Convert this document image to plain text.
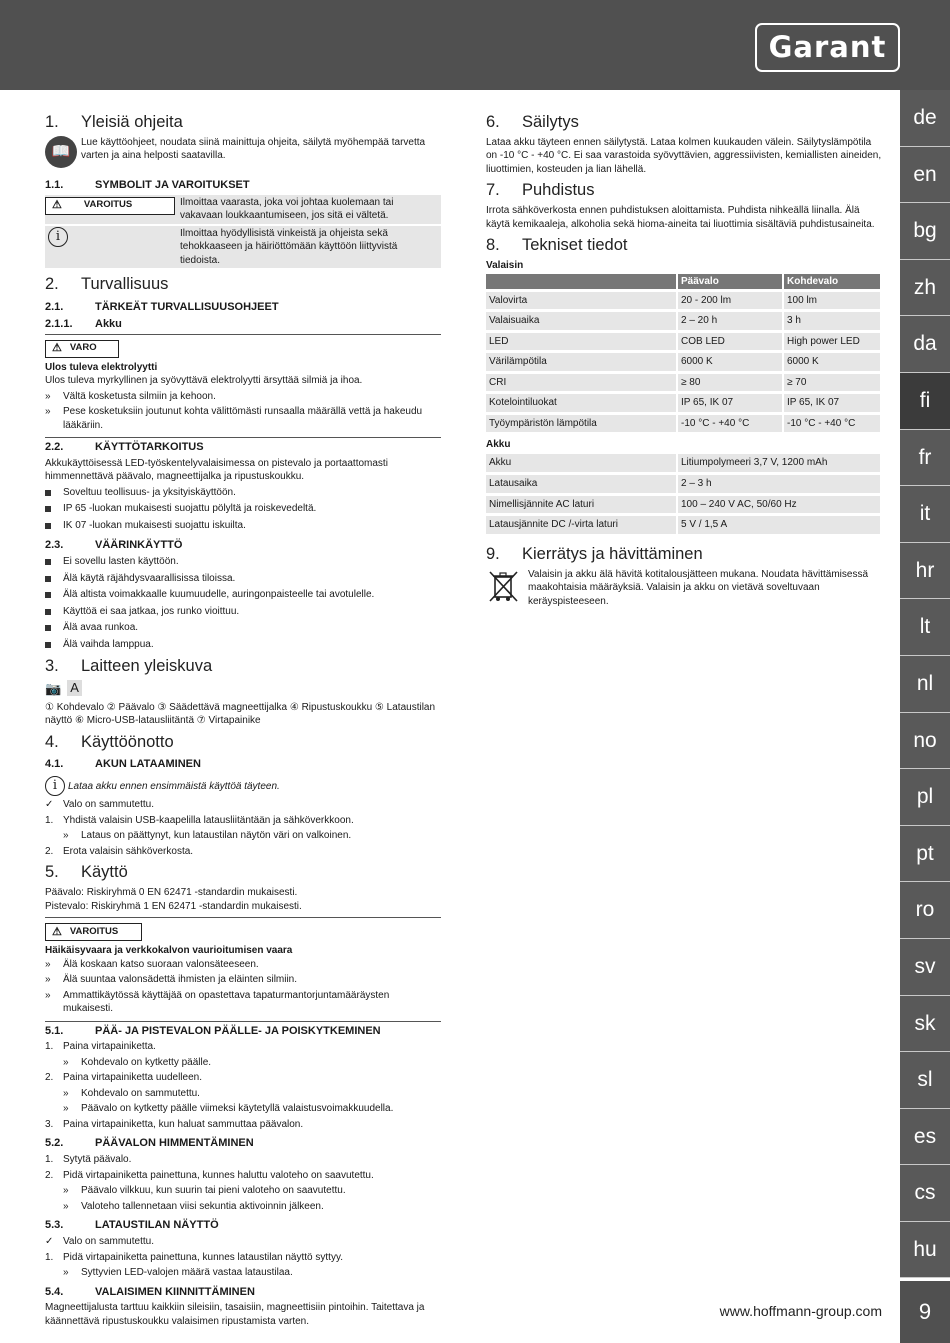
Garant
de
en
bg
zh
da
fi
fr
it
hr
lt
nl
no
pl
pt
ro
sv
sk
sl
es
cs
hu
9
www.hoffmann-group.com
1.	Yleisiä ohjeita
📖

Lue käyttöohjeet, noudata siinä mainittuja ohjeita, säilytä myöhempää tarvetta varten ja aina helposti saatavilla.

1.1.	SYMBOLIT JA VAROITUKSET
⚠ VAROITUS	Ilmoittaa vaarasta, joka voi johtaa kuolemaan tai vakavaan loukkaantumiseen, jos sitä ei vältetä.
i	Ilmoittaa hyödyllisistä vinkeistä ja ohjeista sekä tehokkaaseen ja häiriöttömään käyttöön liittyvistä tiedoista.
2.	Turvallisuus
2.1.	TÄRKEÄT TURVALLISUUSOHJEET
2.1.1.	Akku
⚠ VARO

Ulos tuleva elektrolyytti

Ulos tuleva myrkyllinen ja syövyttävä elektrolyytti ärsyttää silmiä ja ihoa.

»	Vältä kosketusta silmiin ja kehoon.
»	Pese kosketuksiin joutunut kohta välittömästi runsaalla määrällä vettä ja hakeudu lääkäriin.
2.2.	KÄYTTÖTARKOITUS

Akkukäyttöisessä LED-työskentelyvalaisimessa on pistevalo ja portaattomasti himmennettävä päävalo, magneettijalka ja ripustuskoukku.

Soveltuu teollisuus- ja yksityiskäyttöön.
IP 65 -luokan mukaisesti suojattu pölyltä ja roiskevedeltä.
IK 07 -luokan mukaisesti suojattu iskuilta.
2.3.	VÄÄRINKÄYTTÖ
Ei sovellu lasten käyttöön.
Älä käytä räjähdysvaarallisissa tiloissa.
Älä altista voimakkaalle kuumuudelle, auringonpaisteelle tai avotulelle.
Käyttöä ei saa jatkaa, jos runko vioittuu.
Älä avaa runkoa.
Älä vaihda lamppua.
3.	Laitteen yleiskuva
📷 A

① Kohdevalo ② Päävalo ③ Säädettävä magneettijalka ④ Ripustuskoukku ⑤ Lataustilan näyttö ⑥ Micro-USB-latausliitäntä ⑦ Virtapainike

4.	Käyttöönotto
4.1.	AKUN LATAAMINEN
i	Lataa akku ennen ensimmäistä käyttöä täyteen.
✓ Valo on sammutettu.
1. Yhdistä valaisin USB-kaapelilla latausliitäntään ja sähköverkkoon.
»	Lataus on päättynyt, kun lataustilan näytön väri on valkoinen.
2. Erota valaisin sähköverkosta.
5.	Käyttö

Päävalo: Riskiryhmä 0 EN 62471 -standardin mukaisesti.

Pistevalo: Riskiryhmä 1 EN 62471 -standardin mukaisesti.

⚠ VAROITUS

Häikäisyvaara ja verkkokalvon vaurioitumisen vaara

»	Älä koskaan katso suoraan valonsäteeseen.
»	Älä suuntaa valonsädettä ihmisten ja eläinten silmiin.
»	Ammattikäytössä käyttäjää on opastettava tapaturmantorjuntamääräysten mukaisesti.
5.1.	PÄÄ- JA PISTEVALON PÄÄLLE- JA POISKYTKEMINEN
1. Paina virtapainiketta.
»	Kohdevalo on kytketty päälle.
2. Paina virtapainiketta uudelleen.
»	Kohdevalo on sammutettu.
»	Päävalo on kytketty päälle viimeksi käytetyllä valaistusvoimakkuudella.
3. Paina virtapainiketta, kun haluat sammuttaa päävalon.
5.2.	PÄÄVALON HIMMENTÄMINEN
1. Sytytä päävalo.
2. Pidä virtapainiketta painettuna, kunnes haluttu valoteho on saavutettu.
»	Päävalo vilkkuu, kun suurin tai pieni valoteho on saavutettu.
»	Valoteho tallennetaan viisi sekuntia aktivoinnin jälkeen.
5.3.	LATAUSTILAN NÄYTTÖ
✓ Valo on sammutettu.
1. Pidä virtapainiketta painettuna, kunnes lataustilan näyttö syttyy.
»	Syttyvien LED-valojen määrä vastaa lataustilaa.
5.4.	VALAISIMEN KIINNITTÄMINEN

Magneettijalusta tarttuu kaikkiin sileisiin, tasaisiin, magneettisiin pintoihin. Taitettava ja käännettävä ripustuskoukku valaisimen ripustamista varten.

6.	Säilytys

Lataa akku täyteen ennen säilytystä. Lataa kolmen kuukauden välein. Säilytyslämpötila on -10 °C - +40 °C. Ei saa varastoida syövyttävien, aggressiivisten, kemiallisten aineiden, liuottimien, kosteuden ja lian lähellä.

7.	Puhdistus

Irrota sähköverkosta ennen puhdistuksen aloittamista. Puhdista nihkeällä liinalla. Älä käytä kemikaaleja, alkoholia sekä hioma-aineita tai liuottimia sisältäviä puhdistusaineita.

8.	Tekniset tiedot

Valaisin

	Päävalo	Kohdevalo
Valovirta	20 - 200 lm	100 lm
Valaisuaika	2 – 20 h	3 h
LED	COB LED	High power LED
Värilämpötila	6000 K	6000 K
CRI	≥ 80	≥ 70
Kotelointiluokat	IP 65, IK 07	IP 65, IK 07
Työympäristön lämpötila	-10 °C - +40 °C	-10 °C - +40 °C

Akku

Akku	Litiumpolymeeri 3,7 V, 1200 mAh
Latausaika	2 – 3 h
Nimellisjännite AC laturi	100 – 240 V AC, 50/60 Hz
Latausjännite DC /-virta laturi	5 V / 1,5 A
9.	Kierrätys ja hävittäminen

Valaisin ja akku älä hävitä kotitalousjätteen mukana. Noudata hävittämisessä maakohtaisia määräyksiä. Valaisin ja akku on vietävä soveltuvaan keräyspisteeseen.
